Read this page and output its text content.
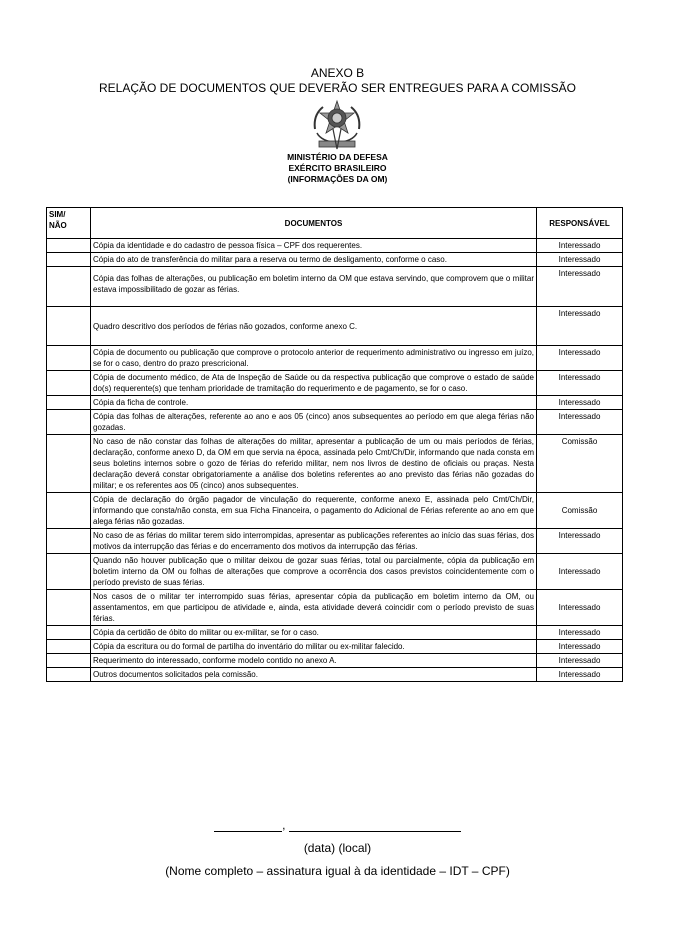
ANEXO B
RELAÇÃO DE DOCUMENTOS QUE DEVERÃO SER ENTREGUES PARA A COMISSÃO
MINISTÉRIO DA DEFESA
EXÉRCITO BRASILEIRO
(INFORMAÇÕES DA OM)
SIM/
NÃO	DOCUMENTOS	RESPONSÁVEL
	Cópia da identidade e do cadastro de pessoa física – CPF dos requerentes.	Interessado
	Cópia do ato de transferência do militar para a reserva ou termo de desligamento, conforme o caso.	Interessado
	Cópia das folhas de alterações, ou publicação em boletim interno da OM que estava servindo, que comprovem que o militar estava impossibilitado de gozar as férias.	Interessado
	Quadro descritivo dos períodos de férias não gozados, conforme anexo C.	Interessado
	Cópia de documento ou publicação que comprove o protocolo anterior de requerimento administrativo ou ingresso em juízo, se for o caso, dentro do prazo prescricional.	Interessado
	Cópia de documento médico, de Ata de Inspeção de Saúde ou da respectiva publicação que comprove o estado de saúde do(s) requerente(s) que tenham prioridade de tramitação do requerimento e de pagamento, se for o caso.	Interessado
	Cópia da ficha de controle.	Interessado
	Cópia das folhas de alterações, referente ao ano e aos 05 (cinco) anos subsequentes ao período em que alega férias não gozadas.	Interessado
	No caso de não constar das folhas de alterações do militar, apresentar a publicação de um ou mais períodos de férias, declaração, conforme anexo D, da OM em que servia na época, assinada pelo Cmt/Ch/Dir, informando que nada consta em seus boletins internos sobre o gozo de férias do referido militar, nem nos livros de destino de oficiais ou praças. Nesta declaração deverá constar obrigatoriamente a análise dos boletins referentes ao ano previsto das férias não gozadas do militar; e os referentes aos 05 (cinco) anos subsequentes.	Comissão
	Cópia de declaração do órgão pagador de vinculação do requerente, conforme anexo E, assinada pelo Cmt/Ch/Dir, informando que consta/não consta, em sua Ficha Financeira, o pagamento do Adicional de Férias referente ao ano em que alega férias não gozadas.	Comissão
	No caso de as férias do militar terem sido interrompidas, apresentar as publicações referentes ao início das suas férias, dos motivos da interrupção das férias e do encerramento dos motivos da interrupção das férias.	Interessado
	Quando não houver publicação que o militar deixou de gozar suas férias, total ou parcialmente, cópia da publicação em boletim interno da OM ou folhas de alterações que comprove a ocorrência dos casos previstos coincidentemente com o período previsto de suas férias.	Interessado
	Nos casos de o militar ter interrompido suas férias, apresentar cópia da publicação em boletim interno da OM, ou assentamentos, em que participou de atividade e, ainda, esta atividade deverá coincidir com o período previsto de suas férias.	Interessado
	Cópia da certidão de óbito do militar ou ex-militar, se for o caso.	Interessado
	Cópia da escritura ou do formal de partilha do inventário do militar ou ex-militar falecido.	Interessado
	Requerimento do interessado, conforme modelo contido no anexo A.	Interessado
	Outros documentos solicitados pela comissão.	Interessado
,
(data) (local)
(Nome completo – assinatura igual à da identidade – IDT – CPF)
